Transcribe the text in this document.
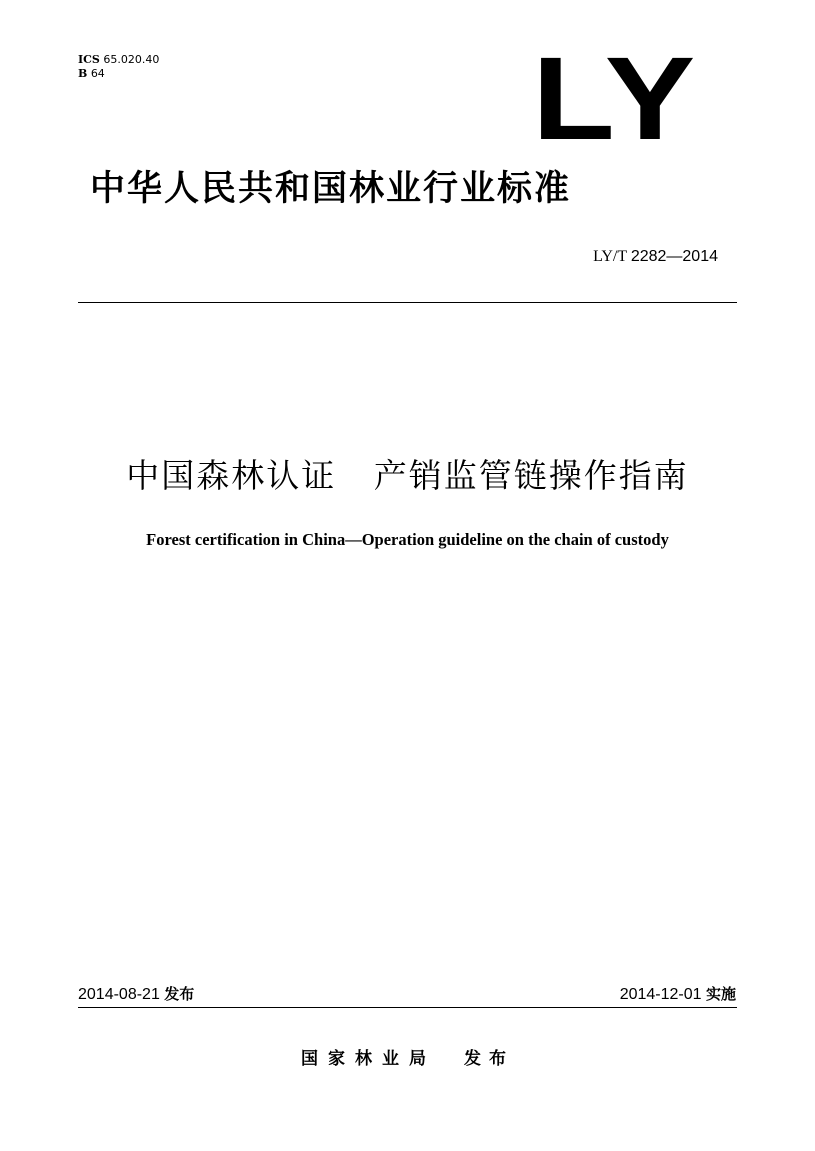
ICS 65.020.40
B 64	LY
中华人民共和国林业行业标准
LY/T 2282—2014
中国森林认证 产销监管链操作指南
Forest certification in China—Operation guideline on the chain of custody
2014-08-21 发布	2014-12-01 实施
国家林业局 发布
